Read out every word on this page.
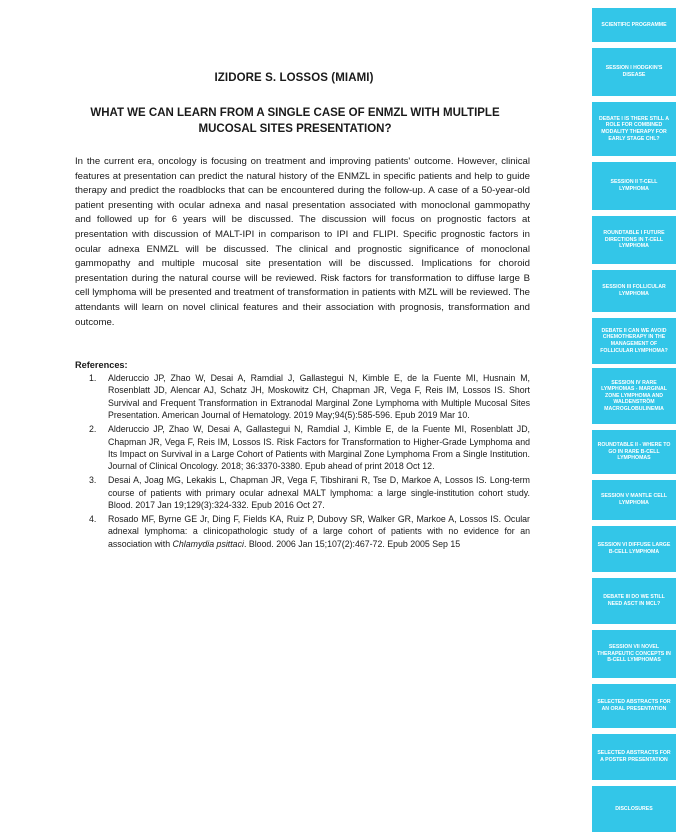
IZIDORE S. LOSSOS (MIAMI)
WHAT WE CAN LEARN FROM A SINGLE CASE OF ENMZL WITH MULTIPLE MUCOSAL SITES PRESENTATION?

In the current era, oncology is focusing on treatment and improving patients' outcome. However, clinical features at presentation can predict the natural history of the ENMZL in specific patients and help to guide therapy and predict the roadblocks that can be encountered during the follow-up. A case of a 50-year-old patient presenting with ocular adnexa and nasal presentation associated with monoclonal gammopathy and followed up for 6 years will be discussed. The discussion will focus on prognostic factors at presentation with discussion of MALT-IPI in comparison to IPI and FLIPI. Specific prognostic factors in ocular adnexa ENMZL will be discussed. The clinical and prognostic significance of monoclonal gammopathy and multiple mucosal site presentation will be discussed. Implications for choroid presentation during the natural course will be reviewed. Risk factors for transformation to diffuse large B cell lymphoma will be presented and treatment of transformation in patients with MZL will be reviewed. The attendants will learn on novel clinical features and their association with prognosis, transformation and outcome.

References:
1. Alderuccio JP, Zhao W, Desai A, Ramdial J, Gallastegui N, Kimble E, de la Fuente MI, Husnain M, Rosenblatt JD, Alencar AJ, Schatz JH, Moskowitz CH, Chapman JR, Vega F, Reis IM, Lossos IS. Short Survival and Frequent Transformation in Extranodal Marginal Zone Lymphoma with Multiple Mucosal Sites Presentation. American Journal of Hematology. 2019 May;94(5):585-596. Epub 2019 Mar 10.
2. Alderuccio JP, Zhao W, Desai A, Gallastegui N, Ramdial J, Kimble E, de la Fuente MI, Rosenblatt JD, Chapman JR, Vega F, Reis IM, Lossos IS. Risk Factors for Transformation to Higher-Grade Lymphoma and Its Impact on Survival in a Large Cohort of Patients with Marginal Zone Lymphoma From a Single Institution. Journal of Clinical Oncology. 2018; 36:3370-3380. Epub ahead of print 2018 Oct 12.
3. Desai A, Joag MG, Lekakis L, Chapman JR, Vega F, Tibshirani R, Tse D, Markoe A, Lossos IS. Long-term course of patients with primary ocular adnexal MALT lymphoma: a large single-institution cohort study. Blood. 2017 Jan 19;129(3):324-332. Epub 2016 Oct 27.
4. Rosado MF, Byrne GE Jr, Ding F, Fields KA, Ruiz P, Dubovy SR, Walker GR, Markoe A, Lossos IS. Ocular adnexal lymphoma: a clinicopathologic study of a large cohort of patients with no evidence for an association with Chlamydia psittaci. Blood. 2006 Jan 15;107(2):467-72. Epub 2005 Sep 15
SCIENTIFIC PROGRAMME
SESSION I HODGKIN'S DISEASE
DEBATE I IS THERE STILL A ROLE FOR COMBINED MODALITY THERAPY FOR EARLY STAGE CHL?
SESSION II T-CELL LYMPHOMA
ROUNDTABLE I FUTURE DIRECTIONS IN T-CELL LYMPHOMA
SESSION III FOLLICULAR LYMPHOMA
DEBATE II CAN WE AVOID CHEMOTHERAPY IN THE MANAGEMENT OF FOLLICULAR LYMPHOMA?
SESSION IV RARE LYMPHOMAS - MARGINAL ZONE LYMPHOMA AND WALDENSTRÖM MACROGLOBULINEMIA
ROUNDTABLE II - WHERE TO GO IN RARE B-CELL LYMPHOMAS
SESSION V MANTLE CELL LYMPHOMA
SESSION VI DIFFUSE LARGE B-CELL LYMPHOMA
DEBATE III DO WE STILL NEED ASCT IN MCL?
SESSION VII NOVEL THERAPEUTIC CONCEPTS IN B-CELL LYMPHOMAS
SELECTED ABSTRACTS FOR AN ORAL PRESENTATION
SELECTED ABSTRACTS FOR A POSTER PRESENTATION
DISCLOSURES
